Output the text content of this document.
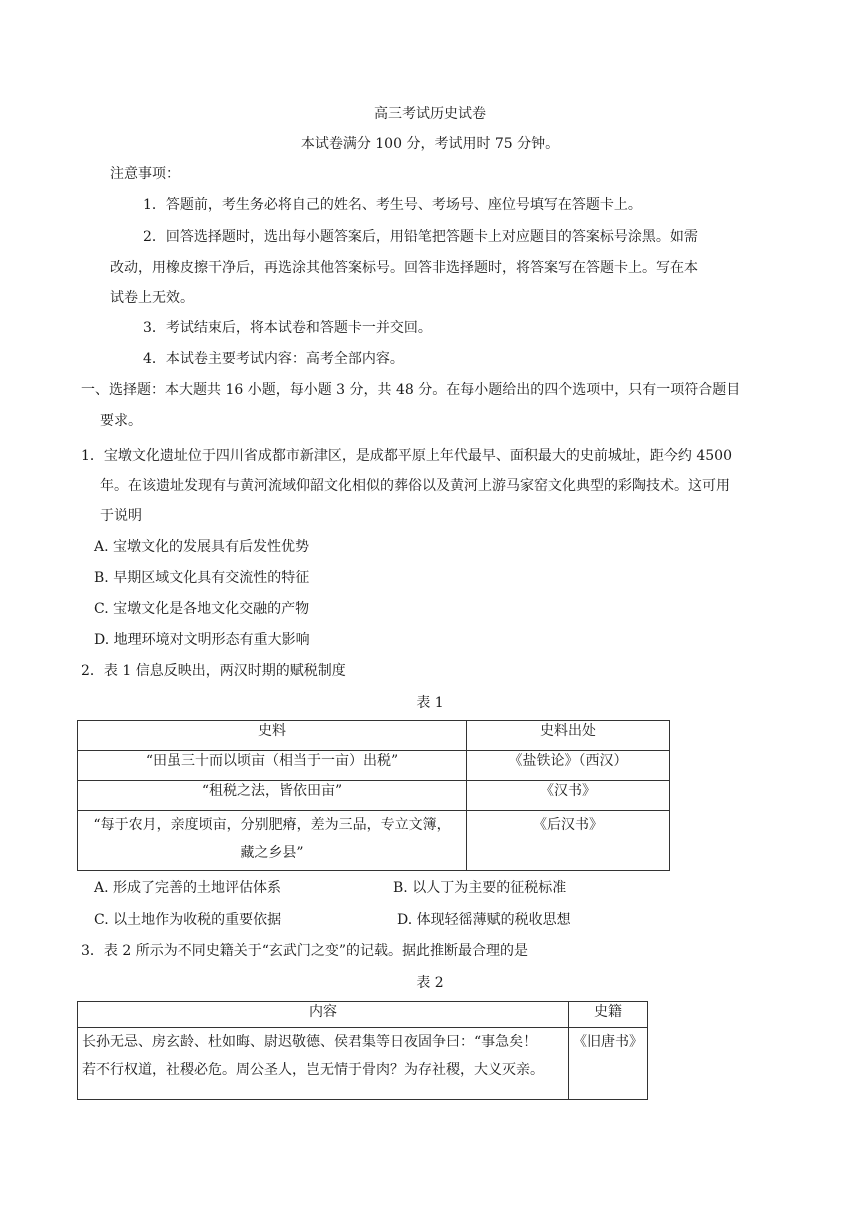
高三考试历史试卷
本试卷满分 100 分，考试用时 75 分钟。
注意事项：
1．答题前，考生务必将自己的姓名、考生号、考场号、座位号填写在答题卡上。
2．回答选择题时，选出每小题答案后，用铅笔把答题卡上对应题目的答案标号涂黑。如需
改动，用橡皮擦干净后，再选涂其他答案标号。回答非选择题时，将答案写在答题卡上。写在本
试卷上无效。
3．考试结束后，将本试卷和答题卡一并交回。
4．本试卷主要考试内容：高考全部内容。
一、选择题：本大题共 16 小题，每小题 3 分，共 48 分。在每小题给出的四个选项中，只有一项符合题目
要求。
1．宝墩文化遗址位于四川省成都市新津区，是成都平原上年代最早、面积最大的史前城址，距今约 4500
年。在该遗址发现有与黄河流域仰韶文化相似的葬俗以及黄河上游马家窑文化典型的彩陶技术。这可用
于说明
A. 宝墩文化的发展具有后发性优势
B. 早期区域文化具有交流性的特征
C. 宝墩文化是各地文化交融的产物
D. 地理环境对文明形态有重大影响
2．表 1 信息反映出，两汉时期的赋税制度
表 1
史料	史料出处
“田虽三十而以顷亩（相当于一亩）出税”	《盐铁论》（西汉）
“租税之法，皆依田亩”	《汉书》

“每于农月，亲度顷亩，分别肥瘠，差为三品，专立文簿，
藏之乡县”	《后汉书》
A. 形成了完善的土地评估体系	B. 以人丁为主要的征税标准
C. 以土地作为收税的重要依据	D. 体现轻徭薄赋的税收思想
3．表 2 所示为不同史籍关于“玄武门之变”的记载。据此推断最合理的是
表 2
内容	史籍

长孙无忌、房玄龄、杜如晦、尉迟敬德、侯君集等日夜固争曰：“事急矣！
若不行权道，社稷必危。周公圣人，岂无情于骨肉？为存社稷，大义灭亲。	《旧唐书》
